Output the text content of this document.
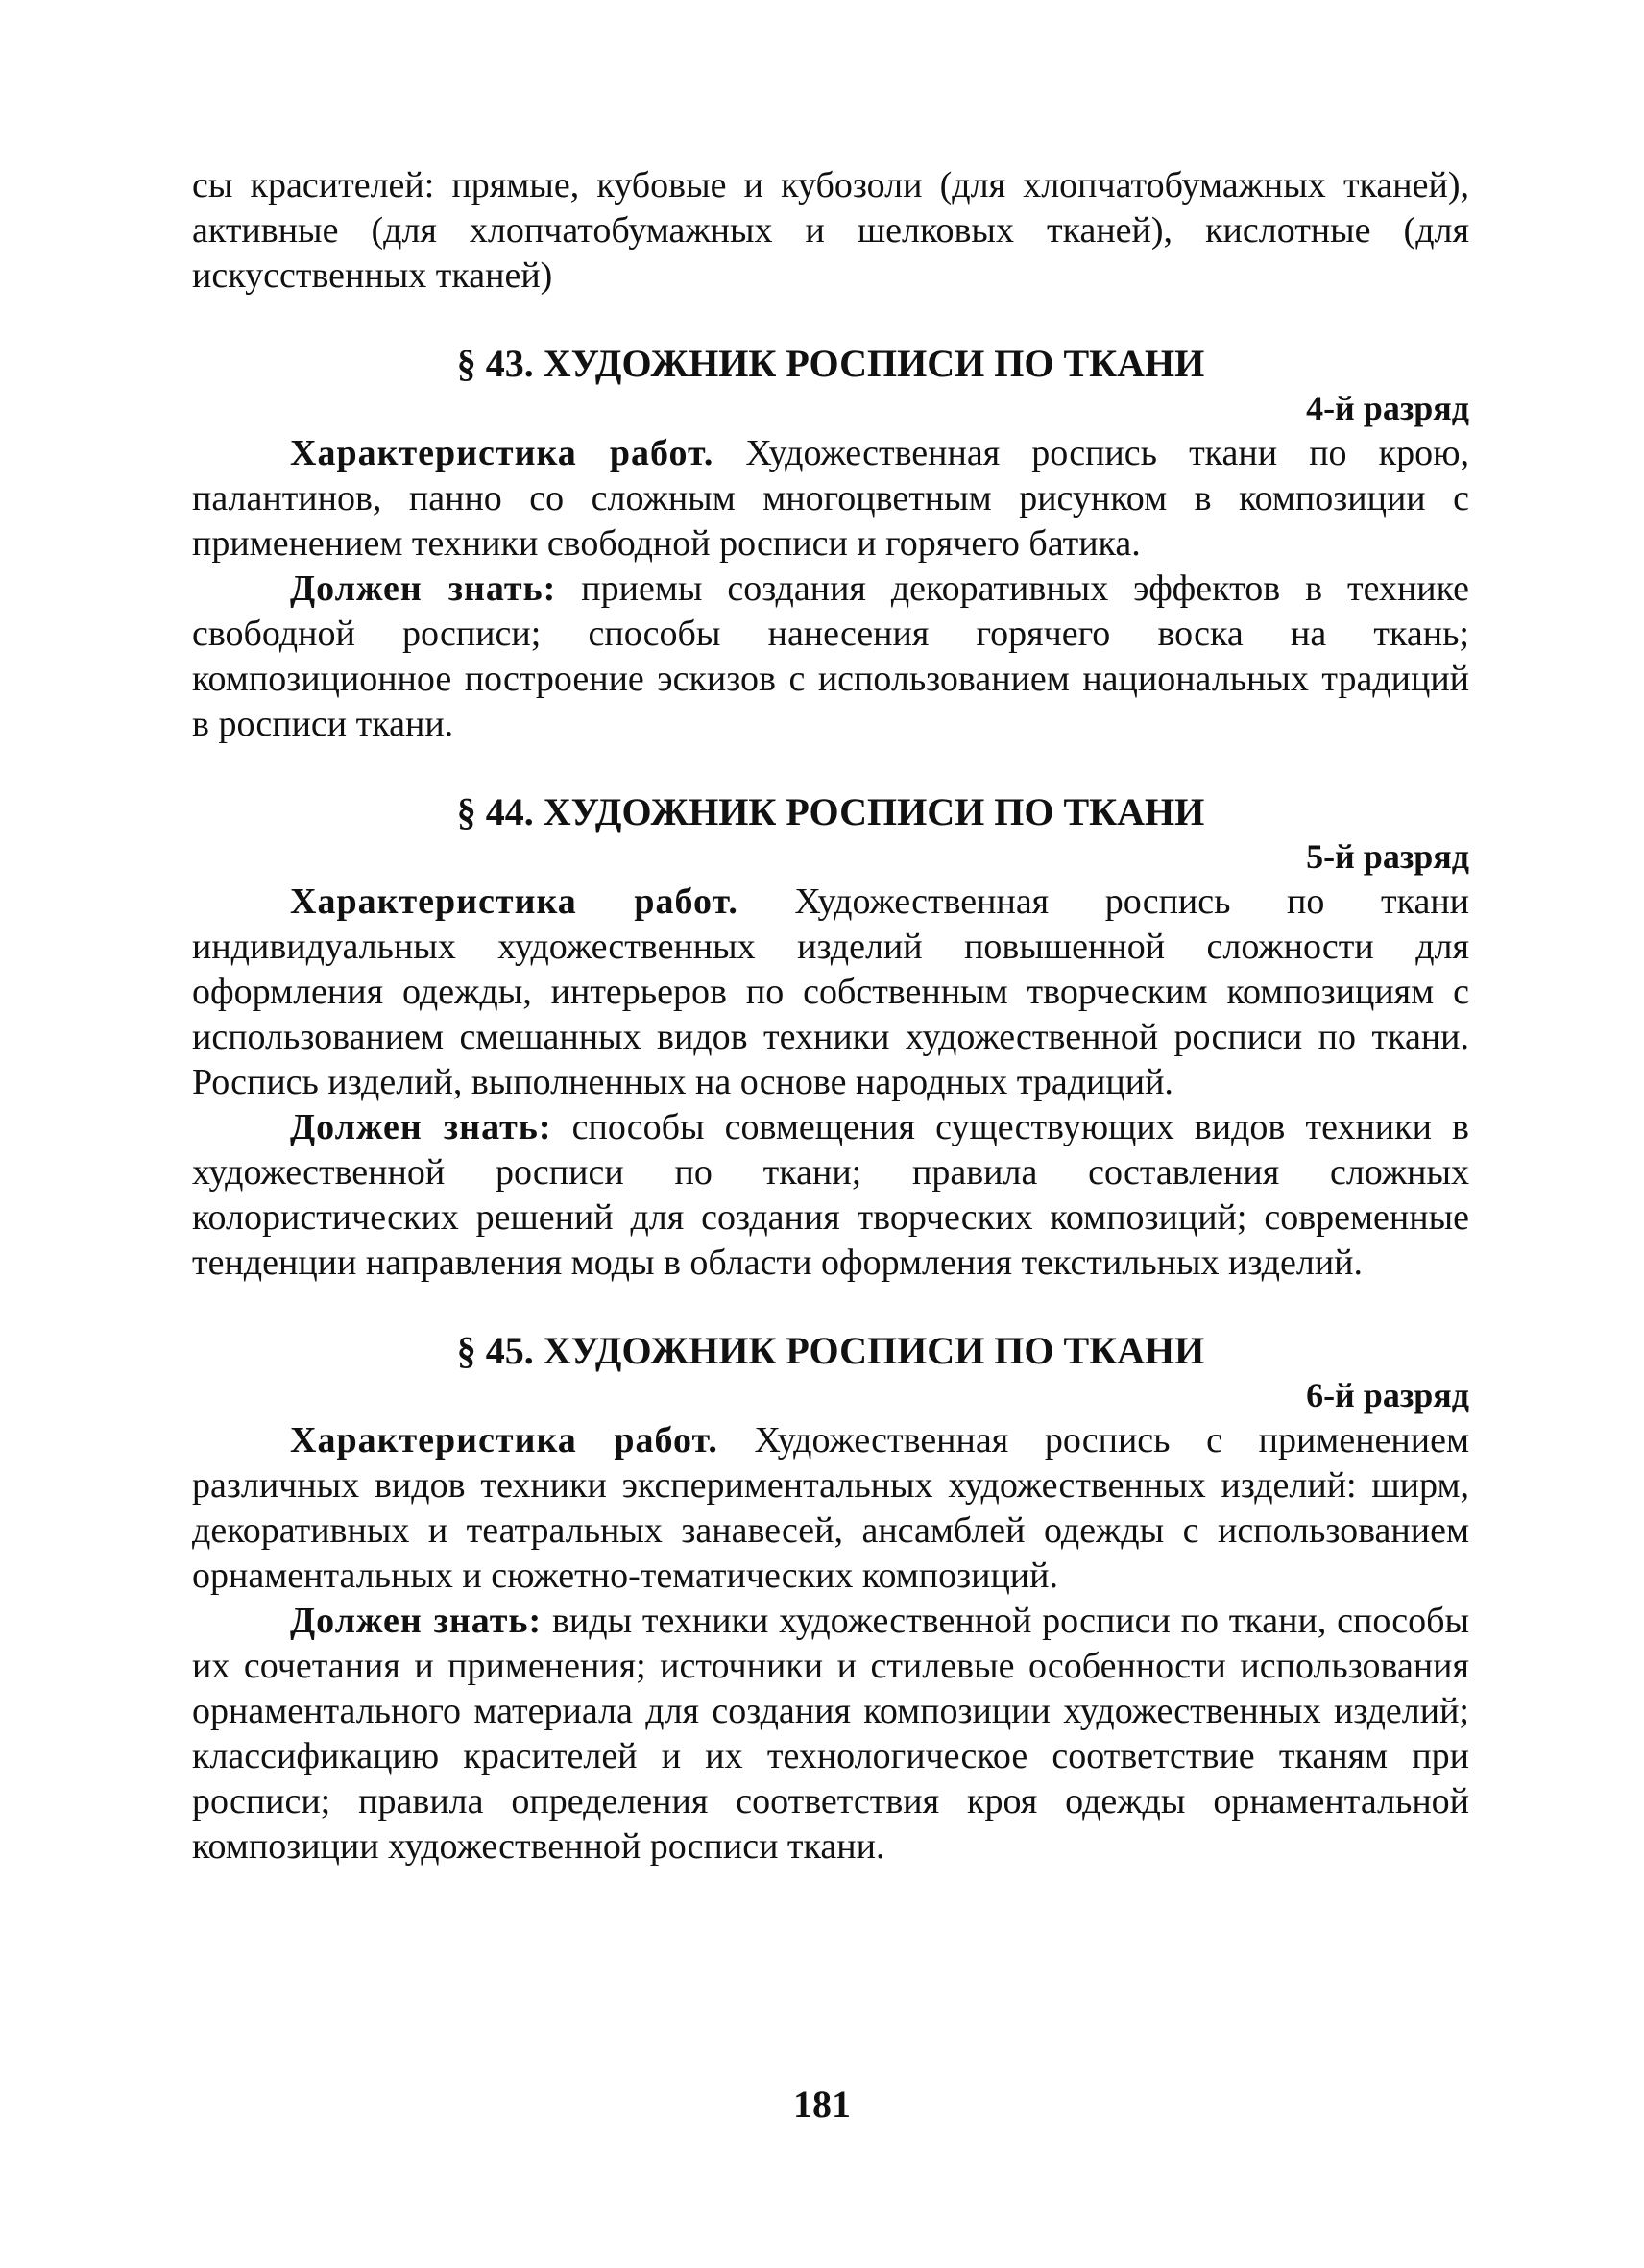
сы красителей: прямые, кубовые и кубозоли (для хлопчатобумажных тканей), активные (для хлопчатобумажных и шелковых тканей), кислотные (для искусственных тканей)

§ 43. ХУДОЖНИК РОСПИСИ ПО ТКАНИ
4-й разряд

Характеристика работ. Художественная роспись ткани по крою, палантинов, панно со сложным многоцветным рисунком в композиции с применением техники свободной росписи и горячего батика.

Должен знать: приемы создания декоративных эффектов в технике свободной росписи; способы нанесения горячего воска на ткань; композиционное построение эскизов с использованием национальных традиций в росписи ткани.

§ 44. ХУДОЖНИК РОСПИСИ ПО ТКАНИ
5-й разряд

Характеристика работ. Художественная роспись по ткани индивидуальных художественных изделий повышенной сложности для оформления одежды, интерьеров по собственным творческим композициям с использованием смешанных видов техники художественной росписи по ткани. Роспись изделий, выполненных на основе народных традиций.

Должен знать: способы совмещения существующих видов техники в художественной росписи по ткани; правила составления сложных колористических решений для создания творческих композиций; современные тенденции направления моды в области оформления текстильных изделий.

§ 45. ХУДОЖНИК РОСПИСИ ПО ТКАНИ
6-й разряд

Характеристика работ. Художественная роспись с применением различных видов техники экспериментальных художественных изделий: ширм, декоративных и театральных занавесей, ансамблей одежды с использованием орнаментальных и сюжетно-тематических композиций.

Должен знать: виды техники художественной росписи по ткани, способы их сочетания и применения; источники и стилевые особенности использования орнаментального материала для создания композиции художественных изделий; классификацию красителей и их технологическое соответствие тканям при росписи; правила определения соответствия кроя одежды орнаментальной композиции художественной росписи ткани.

181
